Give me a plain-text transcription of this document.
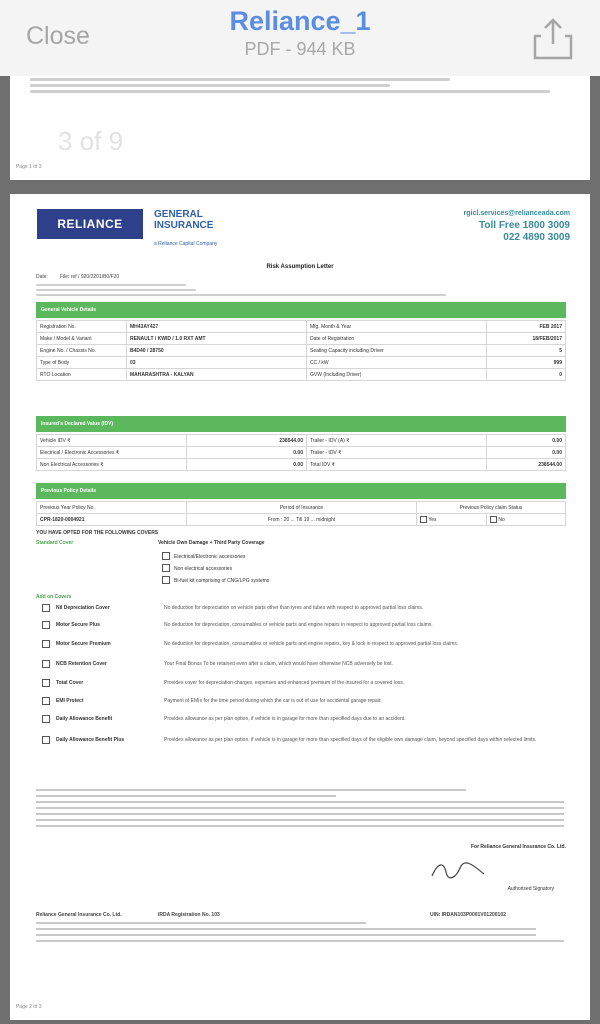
Close	Reliance_1
PDF - 944 KB
3 of 9
Page 1 of 3
RELIANCE
GENERAL
INSURANCE
a Reliance Capital Company
rgicl.services@relianceada.com
Toll Free 1800 3009
022 4890 3009
Risk Assumption Letter
Date: File: ref / 920/2201/B0/F20
General Vehicle Details
Registration No.	MH43AY427	Mfg. Month & Year	FEB 2017
Make / Model & Variant	RENAULT / KWID / 1.0 RXT AMT	Date of Registration	18/FEB/2017
Engine No. / Chassis No.	B4D40 / 28750	Seating Capacity including Driver	5
Type of Body	03	CC / kW	999
RTO Location	MAHARASHTRA - KALYAN	GVW (Including Driver)	0
Insured's Declared Value (IDV)
Vehicle IDV ₹	238544.00	Trailer - IDV (A) ₹	0.00
Electrical / Electronic Accessories ₹	0.00	Trailer - IDV ₹	0.00
Non Electrical Accessories ₹	0.00	Total IDV ₹	238544.00
Previous Policy Details
Previous Year Policy No.	Period of Insurance	Previous Policy claim Status	
CPR-1820-0004921	From : 20 ... Till 19 ... midnight	Yes	No
YOU HAVE OPTED FOR THE FOLLOWING COVERS
Standard Cover	Vehicle Own Damage + Third Party Coverage
Electrical/Electronic accessories
Non electrical accessories
Bi-fuel kit comprising of CNG/LPG systems
Add on Covers
Nil Depreciation Cover	No deduction for depreciation on vehicle parts other than tyres and tubes with respect to approved partial loss claims.
Motor Secure Plus	No deduction for depreciation, consumables or vehicle parts and engine repairs in respect to approved partial loss claims.
Motor Secure Premium	No deduction for depreciation, consumables or vehicle parts and engine repairs, key & lock in respect to approved partial loss claims.
NCB Retention Cover	Your Final Bonus To be retained even after a claim, which would have otherwise NCB adversely be lost.
Total Cover	Provides cover for depreciation charges, expenses and enhanced premium of the insured for a covered loss.
EMI Protect	Payment of EMIs for the time period during which the car is out of use for accidental garage repair.
Daily Allowance Benefit	Provides allowance as per plan option, if vehicle is in garage for more than specified days due to an accident.
Daily Allowance Benefit Plus	Provides allowance as per plan option, if vehicle is in garage for more than specified days of the eligible own damage claim, beyond specified days within selected limits.
For Reliance General Insurance Co. Ltd.
Authorised Signatory
Reliance General Insurance Co. Ltd.	IRDA Registration No. 103	UIN: IRDAN103P0001V01200102
Page 2 of 3
